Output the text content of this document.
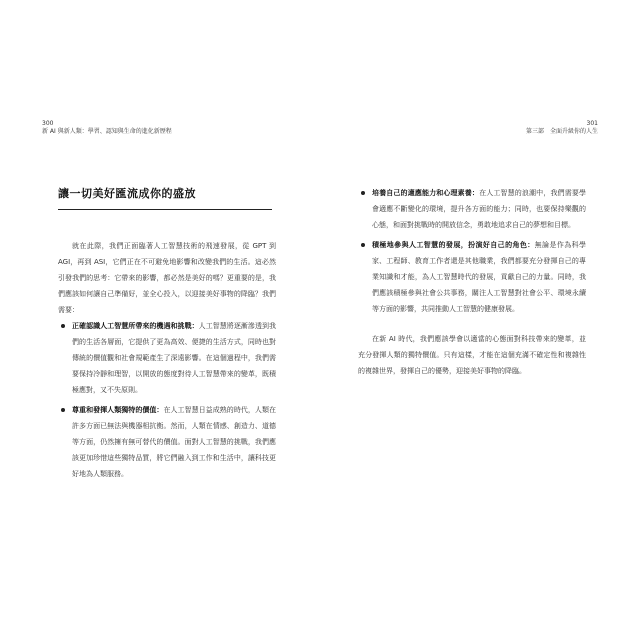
300
新 AI 與新人類：學習、認知與生命的進化新歷程
301
第三部　全面升級你的人生
讓一切美好匯流成你的盛放

就在此際，我們正面臨著人工智慧技術的飛速發展，從 GPT 到 AGI，再到 ASI，它們正在不可避免地影響和改變我們的生活。這必然引發我們的思考：它帶來的影響，都必然是美好的嗎？更重要的是，我們應該如何讓自己準備好，並全心投入，以迎接美好事物的降臨？我們需要：

正確認識人工智慧所帶來的機遇和挑戰：人工智慧將逐漸滲透到我們的生活各層面，它提供了更為高效、便捷的生活方式，同時也對傳統的價值觀和社會規範產生了深遠影響。在這個過程中，我們需要保持冷靜和理智，以開放的態度對待人工智慧帶來的變革，既積極應對，又不失原則。
尊重和發揮人類獨特的價值：在人工智慧日益成熟的時代，人類在許多方面已無法與機器相抗衡。然而，人類在情感、創造力、道德等方面，仍然擁有無可替代的價值。面對人工智慧的挑戰，我們應該更加珍惜這些獨特品質，將它們融入到工作和生活中，讓科技更好地為人類服務。
培養自己的適應能力和心理素養：在人工智慧的浪潮中，我們需要學會適應不斷變化的環境，提升各方面的能力；同時，也要保持樂觀的心態，和面對挑戰時的開放信念，勇敢地追求自己的夢想和目標。
積極地參與人工智慧的發展，扮演好自己的角色：無論是作為科學家、工程師、教育工作者還是其他職業，我們都要充分發揮自己的專業知識和才能，為人工智慧時代的發展，貢獻自己的力量。同時，我們應該積極參與社會公共事務，關注人工智慧對社會公平、環境永續等方面的影響，共同推動人工智慧的健康發展。

在新 AI 時代，我們應該學會以適當的心態面對科技帶來的變革，並充分發揮人類的獨特價值。只有這樣，才能在這個充滿不確定性和複雜性的複雜世界，發揮自己的優勢，迎接美好事物的降臨。
